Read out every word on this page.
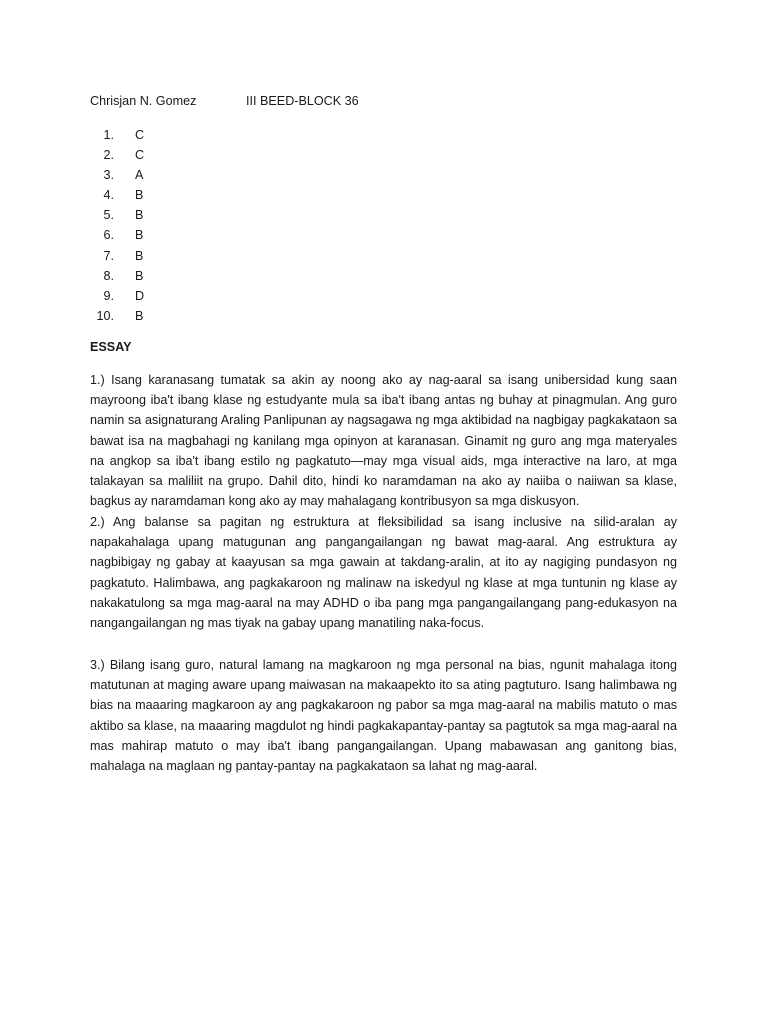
Chrisjan N. Gomez	III BEED-BLOCK 36
1. C
2. C
3. A
4. B
5. B
6. B
7. B
8. B
9. D
10. B
ESSAY

1.) Isang karanasang tumatak sa akin ay noong ako ay nag-aaral sa isang unibersidad kung saan mayroong iba't ibang klase ng estudyante mula sa iba't ibang antas ng buhay at pinagmulan. Ang guro namin sa asignaturang Araling Panlipunan ay nagsagawa ng mga aktibidad na nagbigay pagkakataon sa bawat isa na magbahagi ng kanilang mga opinyon at karanasan. Ginamit ng guro ang mga materyales na angkop sa iba't ibang estilo ng pagkatuto—may mga visual aids, mga interactive na laro, at mga talakayan sa maliliit na grupo. Dahil dito, hindi ko naramdaman na ako ay naiiba o naiiwan sa klase, bagkus ay naramdaman kong ako ay may mahalagang kontribusyon sa mga diskusyon.

2.) Ang balanse sa pagitan ng estruktura at fleksibilidad sa isang inclusive na silid-aralan ay napakahalaga upang matugunan ang pangangailangan ng bawat mag-aaral. Ang estruktura ay nagbibigay ng gabay at kaayusan sa mga gawain at takdang-aralin, at ito ay nagiging pundasyon ng pagkatuto. Halimbawa, ang pagkakaroon ng malinaw na iskedyul ng klase at mga tuntunin ng klase ay nakakatulong sa mga mag-aaral na may ADHD o iba pang mga pangangailangang pang-edukasyon na nangangailangan ng mas tiyak na gabay upang manatiling naka-focus.

3.) Bilang isang guro, natural lamang na magkaroon ng mga personal na bias, ngunit mahalaga itong matutunan at maging aware upang maiwasan na makaapekto ito sa ating pagtuturo. Isang halimbawa ng bias na maaaring magkaroon ay ang pagkakaroon ng pabor sa mga mag-aaral na mabilis matuto o mas aktibo sa klase, na maaaring magdulot ng hindi pagkakapantay-pantay sa pagtutok sa mga mag-aaral na mas mahirap matuto o may iba't ibang pangangailangan. Upang mabawasan ang ganitong bias, mahalaga na maglaan ng pantay-pantay na pagkakataon sa lahat ng mag-aaral.
